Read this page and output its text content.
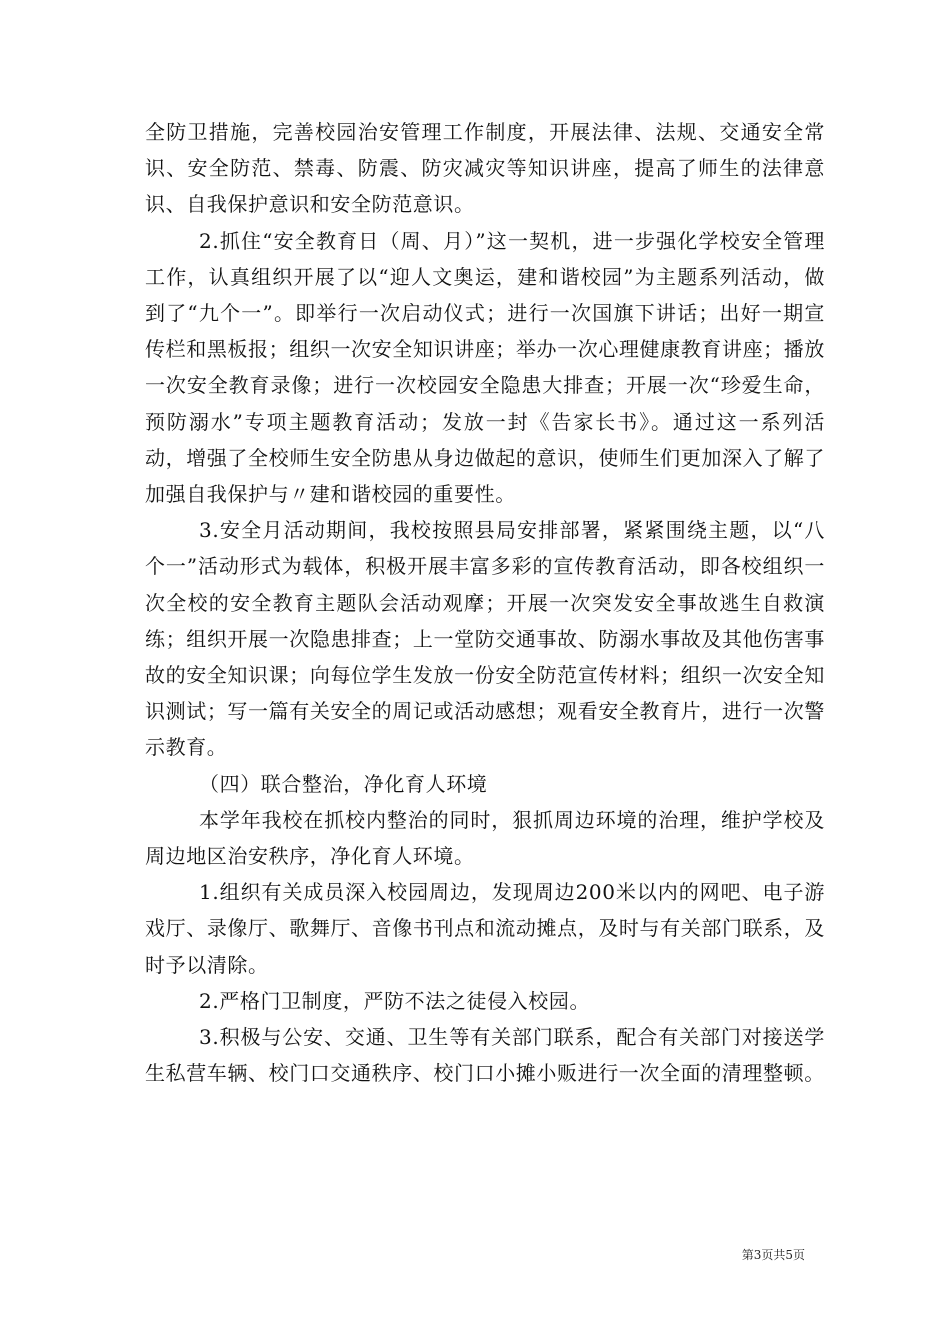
全防卫措施，完善校园治安管理工作制度，开展法律、法规、交通安全常识、安全防范、禁毒、防震、防灾减灾等知识讲座，提高了师生的法律意识、自我保护意识和安全防范意识。

2.抓住“安全教育日（周、月）”这一契机，进一步强化学校安全管理工作，认真组织开展了以“迎人文奥运，建和谐校园”为主题系列活动，做到了“九个一”。即举行一次启动仪式；进行一次国旗下讲话；出好一期宣传栏和黑板报；组织一次安全知识讲座；举办一次心理健康教育讲座；播放一次安全教育录像；进行一次校园安全隐患大排查；开展一次“珍爱生命，预防溺水”专项主题教育活动；发放一封《告家长书》。通过这一系列活动，增强了全校师生安全防患从身边做起的意识，使师生们更加深入了解了加强自我保护与〃建和谐校园的重要性。

3.安全月活动期间，我校按照县局安排部署，紧紧围绕主题，以“八个一”活动形式为载体，积极开展丰富多彩的宣传教育活动，即各校组织一次全校的安全教育主题队会活动观摩；开展一次突发安全事故逃生自救演练；组织开展一次隐患排查；上一堂防交通事故、防溺水事故及其他伤害事故的安全知识课；向每位学生发放一份安全防范宣传材料；组织一次安全知识测试；写一篇有关安全的周记或活动感想；观看安全教育片，进行一次警示教育。

（四）联合整治，净化育人环境

本学年我校在抓校内整治的同时，狠抓周边环境的治理，维护学校及周边地区治安秩序，净化育人环境。

1.组织有关成员深入校园周边，发现周边200米以内的网吧、电子游戏厅、录像厅、歌舞厅、音像书刊点和流动摊点，及时与有关部门联系，及时予以清除。

2.严格门卫制度，严防不法之徒侵入校园。

3.积极与公安、交通、卫生等有关部门联系，配合有关部门对接送学生私营车辆、校门口交通秩序、校门口小摊小贩进行一次全面的清理整顿。

第3页共5页
